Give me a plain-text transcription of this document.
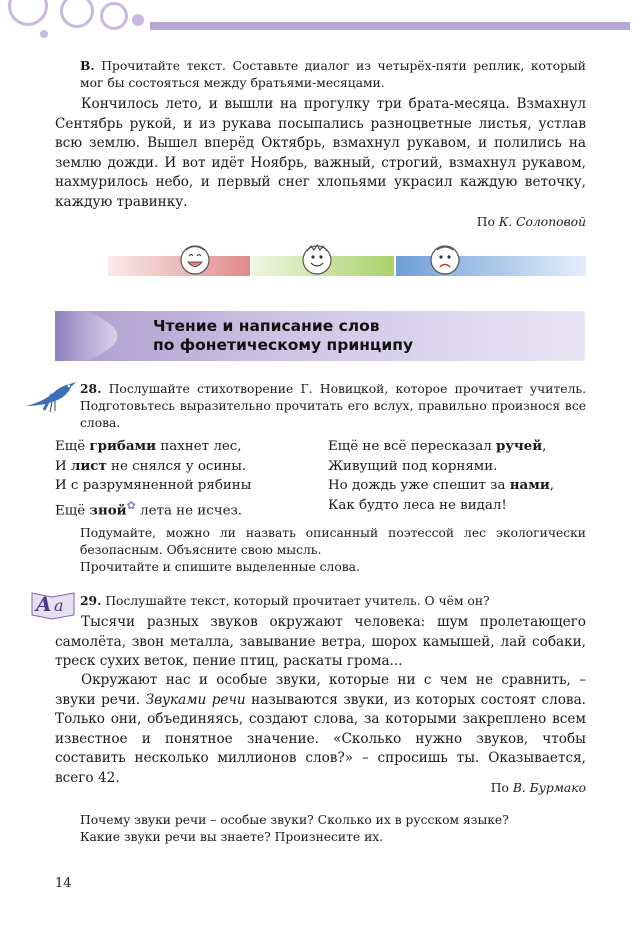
В. Прочитайте текст. Составьте диалог из четырёх-пяти реплик, который мог бы состояться между братьями-месяцами.

Кончилось лето, и вышли на прогулку три брата-месяца. Взмахнул Сентябрь рукой, и из рукава посыпались разноцветные листья, устлав всю землю. Вышел вперёд Октябрь, взмахнул рукавом, и полились на землю дожди. И вот идёт Ноябрь, важный, строгий, взмахнул рукавом, нахмурилось небо, и первый снег хлопьями украсил каждую веточку, каждую травинку.

По К. Солоповой

Чтение и написание слов
по фонетическому принципу

28. Послушайте стихотворение Г. Новицкой, которое прочитает учитель. Подготовьтесь выразительно прочитать его вслух, правильно произнося все слова.

Ещё грибами пахнет лес,
И лист не снялся у осины.
И с разрумяненной рябины
Ещё зной✿ лета не исчез.
Ещё не всё пересказал ручей,
Живущий под корнями.
Но дождь уже спешит за нами,
Как будто леса не видал!

Подумайте, можно ли назвать описанный поэтессой лес экологически безопасным. Объясните свою мысль.

Прочитайте и спишите выделенные слова.

A a 29. Послушайте текст, который прочитает учитель. О чём он?

Тысячи разных звуков окружают человека: шум пролетающего самолёта, звон металла, завывание ветра, шорох камышей, лай собаки, треск сухих веток, пение птиц, раскаты грома...

Окружают нас и особые звуки, которые ни с чем не сравнить, – звуки речи. Звуками речи называются звуки, из которых состоят слова. Только они, объединяясь, создают слова, за которыми закреплено всем известное и понятное значение. «Сколько нужно звуков, чтобы составить несколько миллионов слов?» – спросишь ты. Оказывается, всего 42.

По В. Бурмако

Почему звуки речи – особые звуки? Сколько их в русском языке?

Какие звуки речи вы знаете? Произнесите их.

14
